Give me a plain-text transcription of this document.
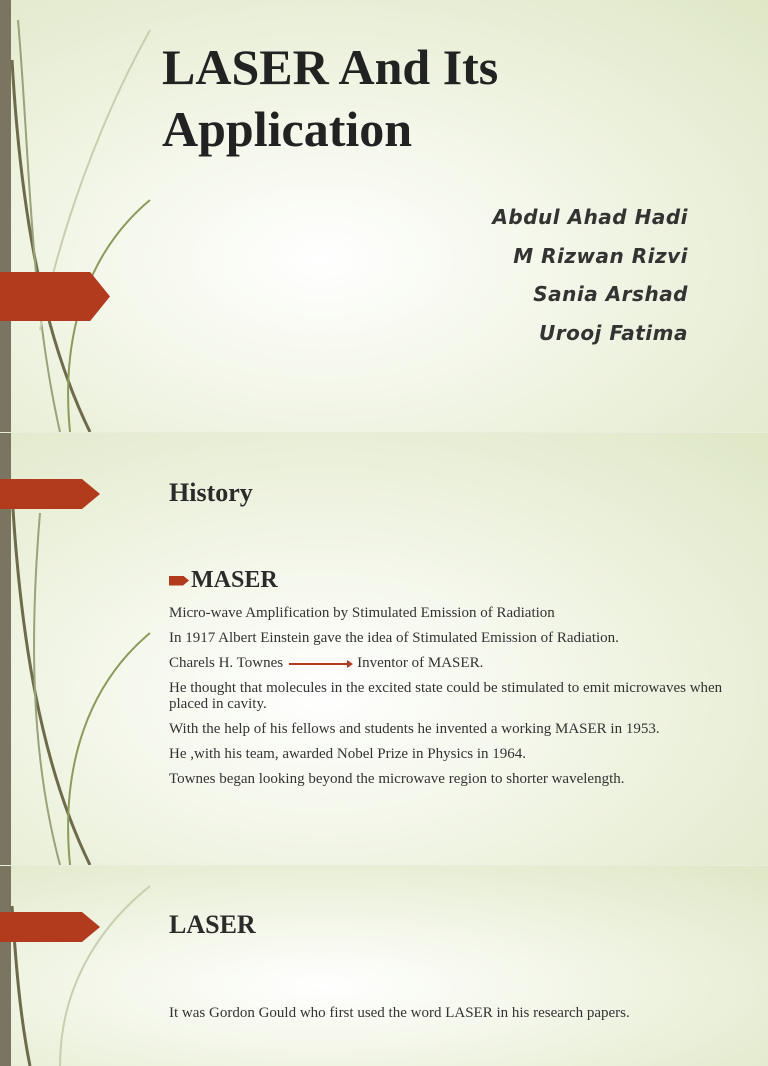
LASER And Its
Application
Abdul Ahad Hadi
M Rizwan Rizvi
Sania Arshad
Urooj Fatima
History
MASER

Micro-wave Amplification by Stimulated Emission of Radiation

In 1917 Albert Einstein gave the idea of Stimulated Emission of Radiation.

Charels H. Townes	Inventor of MASER.

He thought that molecules in the excited state could be stimulated to emit microwaves when placed in cavity.

With the help of his fellows and students he invented a working MASER in 1953.

He ,with his team, awarded Nobel Prize in Physics in 1964.

Townes began looking beyond the microwave region to shorter wavelength.

LASER

It was Gordon Gould who first used the word LASER in his research papers.
